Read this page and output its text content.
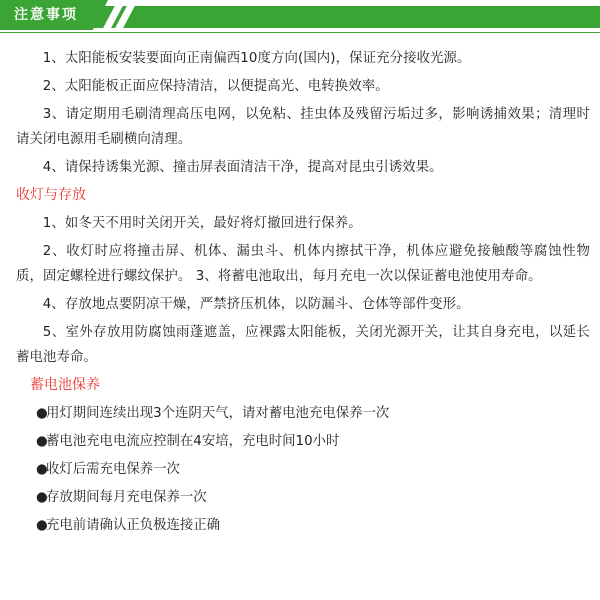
注意事项

1、太阳能板安装要面向正南偏西10度方向(国内)，保证充分接收光源。

2、太阳能板正面应保持清洁，以便提高光、电转换效率。

3、请定期用毛刷清理高压电网，以免粘、挂虫体及残留污垢过多，影响诱捕效果；清理时请关闭电源用毛刷横向清理。

4、请保持诱集光源、撞击屏表面清洁干净，提高对昆虫引诱效果。

收灯与存放

1、如冬天不用时关闭开关，最好将灯撤回进行保养。

2、收灯时应将撞击屏、机体、漏虫斗、机体内擦拭干净，机体应避免接触酸等腐蚀性物质，固定螺栓进行螺纹保护。 3、将蓄电池取出，每月充电一次以保证蓄电池使用寿命。

4、存放地点要阴凉干燥，严禁挤压机体，以防漏斗、仓体等部件变形。

5、室外存放用防腐蚀雨蓬遮盖，应裸露太阳能板，关闭光源开关，让其自身充电，以延长蓄电池寿命。

蓄电池保养
●
用灯期间连续出现3个连阴天气，请对蓄电池充电保养一次
●
蓄电池充电电流应控制在4安培，充电时间10小时
●
收灯后需充电保养一次
●
存放期间每月充电保养一次
●
充电前请确认正负极连接正确
